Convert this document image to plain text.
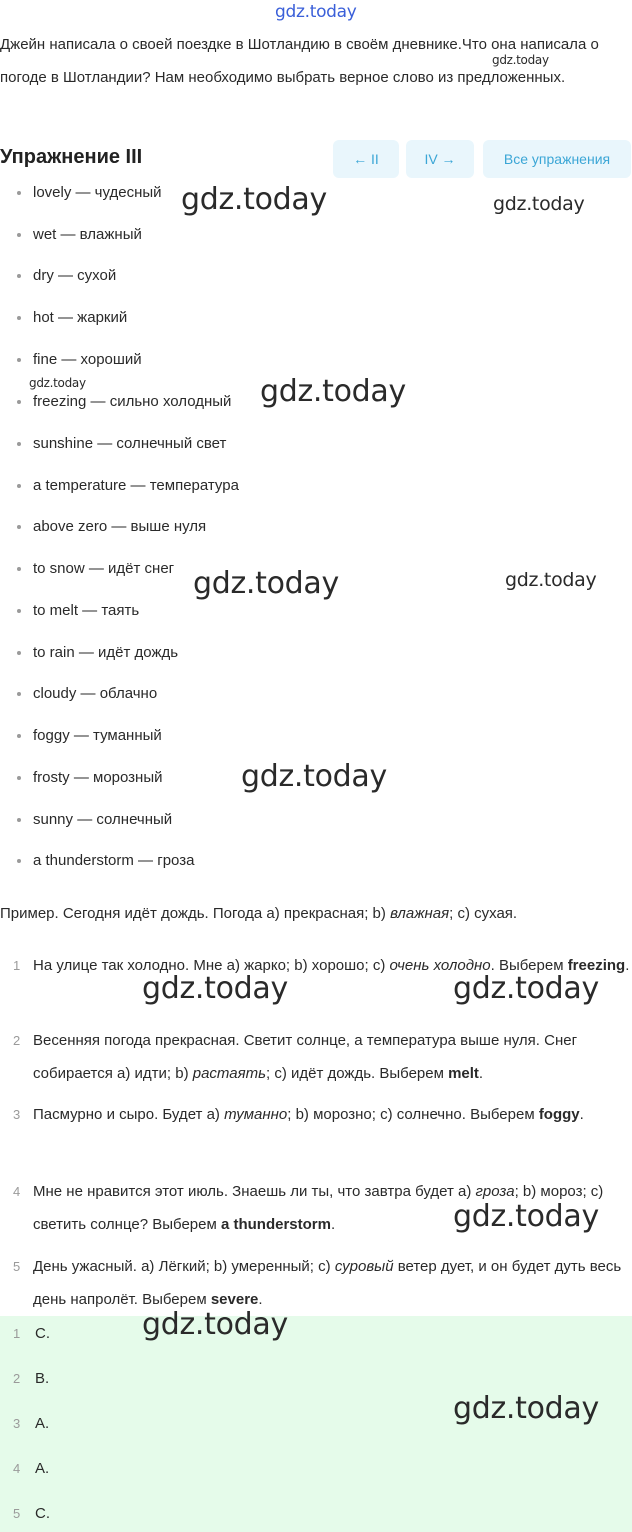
gdz.today

Джейн написала о своей поездке в Шотландию в своём дневнике.Что она написала о погоде в Шотландии? Нам необходимо выбрать верное слово из предложенных.

Упражнение III	← II	IV →	Все упражнения
lovely — чудесный
wet — влажный
dry — сухой
hot — жаркий
fine — хороший
freezing — сильно холодный
sunshine — солнечный свет
a temperature — температура
above zero — выше нуля
to snow — идёт снег
to melt — таять
to rain — идёт дождь
cloudy — облачно
foggy — туманный
frosty — морозный
sunny — солнечный
a thunderstorm — гроза

Пример. Сегодня идёт дождь. Погода a) прекрасная; b) влажная; c) сухая.

1 На улице так холодно. Мне a) жарко; b) хорошо; c) очень холодно. Выберем freezing.

2 Весенняя погода прекрасная. Светит солнце, а температура выше нуля. Снег собирается a) идти; b) растаять; c) идёт дождь. Выберем melt.

3 Пасмурно и сыро. Будет a) туманно; b) морозно; c) солнечно. Выберем foggy.

4 Мне не нравится этот июль. Знаешь ли ты, что завтра будет a) гроза; b) мороз; c) светить солнце? Выберем a thunderstorm.

5 День ужасный. a) Лёгкий; b) умеренный; c) суровый ветер дует, и он будет дуть весь день напролёт. Выберем severe.

1 C.
2 B.
3 A.
4 A.
5 C.
gdz.today
gdz.today	gdz.today
gdz.today	gdz.today
gdz.today	gdz.today
gdz.today
gdz.today	gdz.today
gdz.today
gdz.today
gdz.today
